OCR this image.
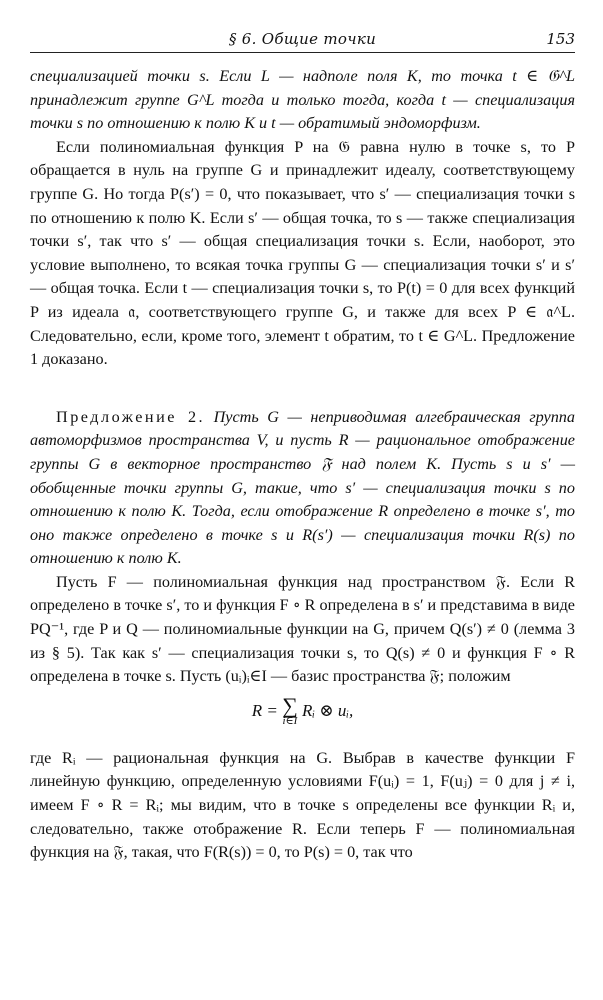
§ 6. Общие точки	153

специализацией точки s. Если L — надполе поля K, то точка t ∈ 𝔊^L принадлежит группе G^L тогда и только тогда, когда t — специализация точки s по отношению к полю K и t — обратимый эндоморфизм.

Если полиномиальная функция P на 𝔊 равна нулю в точке s, то P обращается в нуль на группе G и принадлежит идеалу, соответствующему группе G. Но тогда P(s′) = 0, что показывает, что s′ — специализация точки s по отношению к полю K. Если s′ — общая точка, то s — также специализация точки s′, так что s′ — общая специализация точки s. Если, наоборот, это условие выполнено, то всякая точка группы G — специализация точки s′ и s′ — общая точка. Если t — специализация точки s, то P(t) = 0 для всех функций P из идеала 𝔞, соответствующего группе G, и также для всех P ∈ 𝔞^L. Следовательно, если, кроме того, элемент t обратим, то t ∈ G^L. Предложение 1 доказано.

Предложение 2. Пусть G — неприводимая алгебраическая группа автоморфизмов пространства V, и пусть R — рациональное отображение группы G в векторное пространство 𝔉 над полем K. Пусть s и s′ — обобщенные точки группы G, такие, что s′ — специализация точки s по отношению к полю K. Тогда, если отображение R определено в точке s′, то оно также определено в точке s и R(s′) — специализация точки R(s) по отношению к полю K.

Пусть F — полиномиальная функция над пространством 𝔉. Если R определено в точке s′, то и функция F ∘ R определена в s′ и представима в виде PQ⁻¹, где P и Q — полиномиальные функции на G, причем Q(s′) ≠ 0 (лемма 3 из § 5). Так как s′ — специализация точки s, то Q(s) ≠ 0 и функция F ∘ R определена в точке s. Пусть (uᵢ)ᵢ∈I — базис пространства 𝔉; положим

R = ∑
i∈I
Rᵢ ⊗ uᵢ,

где Rᵢ — рациональная функция на G. Выбрав в качестве функции F линейную функцию, определенную условиями F(uᵢ) = 1, F(uⱼ) = 0 для j ≠ i, имеем F ∘ R = Rᵢ; мы видим, что в точке s определены все функции Rᵢ и, следовательно, также отображение R. Если теперь F — полиномиальная функция на 𝔉, такая, что F(R(s)) = 0, то P(s) = 0, так что
